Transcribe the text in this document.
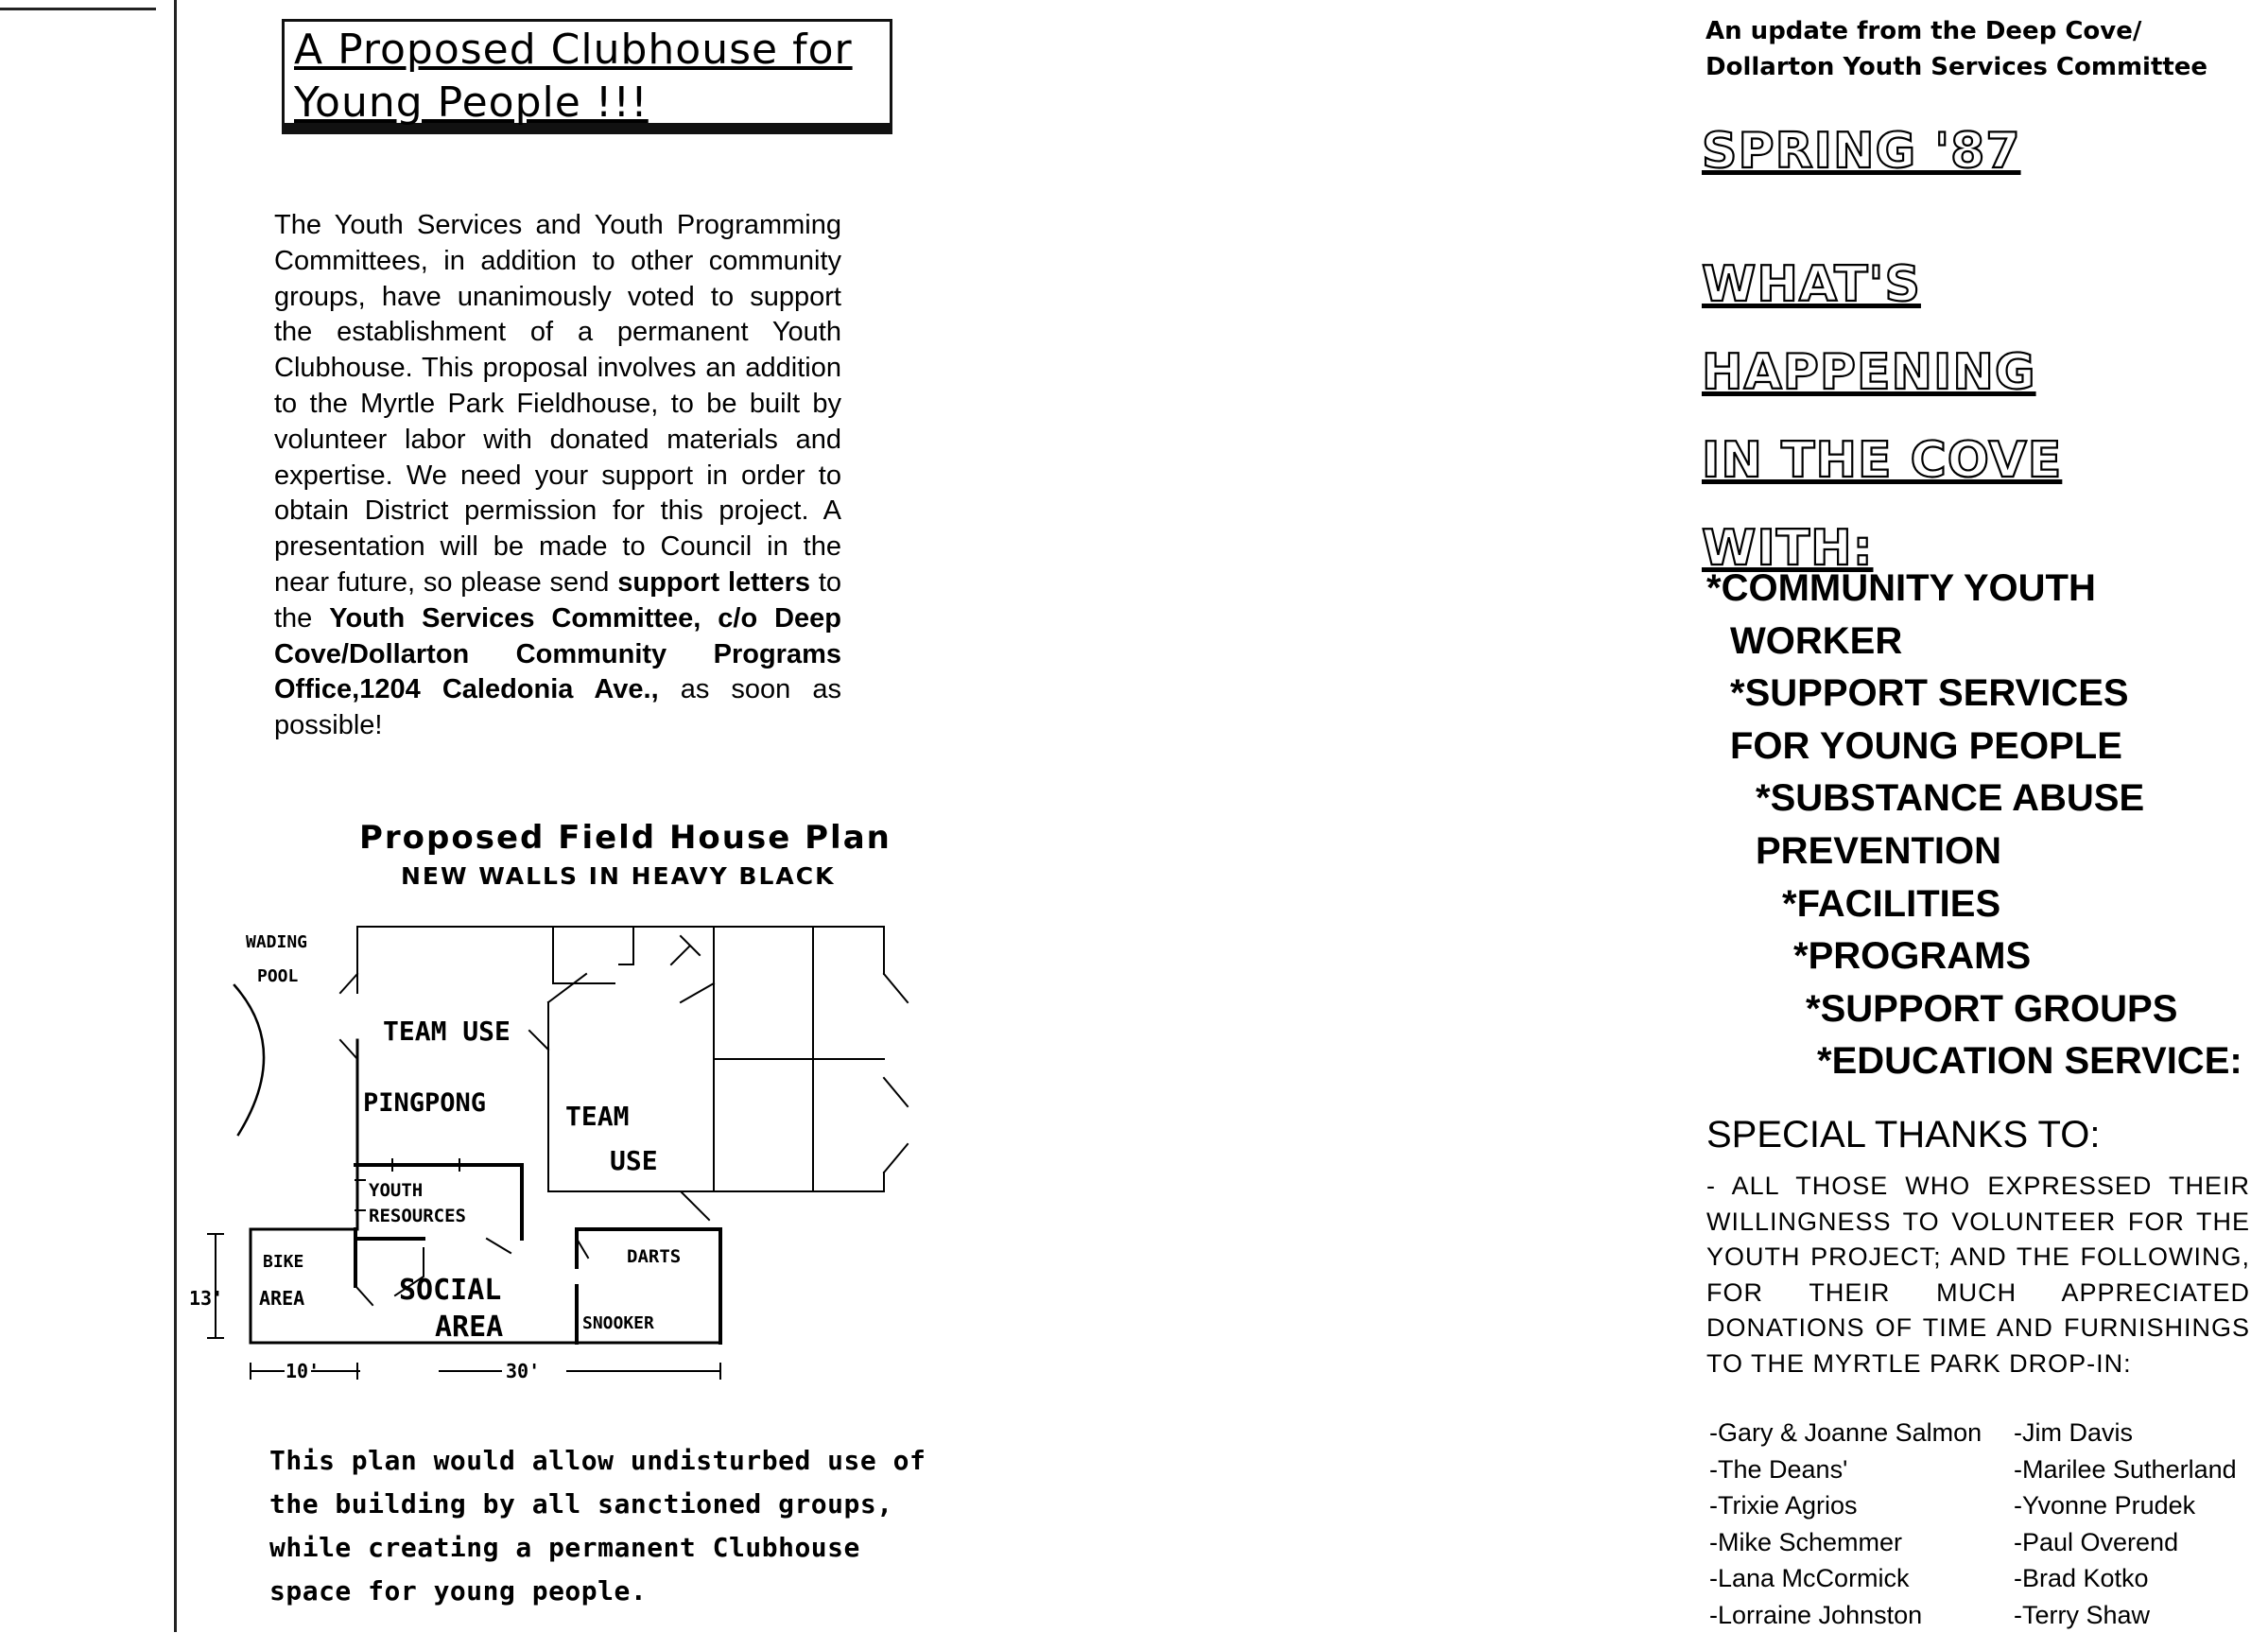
A Proposed Clubhouse for
Young People !!!
The Youth Services and Youth Programming Committees, in addition to other community groups, have unanimously voted to support the establishment of a permanent Youth Clubhouse. This proposal involves an addition to the Myrtle Park Fieldhouse, to be built by volunteer labor with donated materials and expertise. We need your support in order to obtain District permission for this project. A presentation will be made to Council in the near future, so please send support letters to the Youth Services Committee, c/o Deep Cove/Dollarton Community Programs Office,1204 Caledonia Ave., as soon as possible!
Proposed Field House Plan
NEW WALLS IN HEAVY BLACK
WADING
POOL
TEAM USE
PINGPONG	TEAM
USE
YOUTH
RESOURCES
BIKE
AREA	SOCIAL
AREA
DARTS
SNOOKER
13'
10'	30'
This plan would allow undisturbed use of the building by all sanctioned groups, while creating a permanent Clubhouse space for young people.
An update from the Deep Cove/
Dollarton Youth Services Committee
SPRING '87
WHAT'S
HAPPENING
IN THE COVE
WITH:
*COMMUNITY YOUTH
WORKER
*SUPPORT SERVICES
FOR YOUNG PEOPLE
*SUBSTANCE ABUSE
PREVENTION
*FACILITIES
*PROGRAMS
*SUPPORT GROUPS
*EDUCATION SERVICE:
SPECIAL THANKS TO:
- ALL THOSE WHO EXPRESSED THEIR WILLINGNESS TO VOLUNTEER FOR THE YOUTH PROJECT; AND THE FOLLOWING, FOR THEIR MUCH APPRECIATED DONATIONS OF TIME AND FURNISHINGS TO THE MYRTLE PARK DROP-IN:
-Gary & Joanne Salmon	-Jim Davis
-The Deans'	-Marilee Sutherland
-Trixie Agrios	-Yvonne Prudek
-Mike Schemmer	-Paul Overend
-Lana McCormick	-Brad Kotko
-Lorraine Johnston	-Terry Shaw
